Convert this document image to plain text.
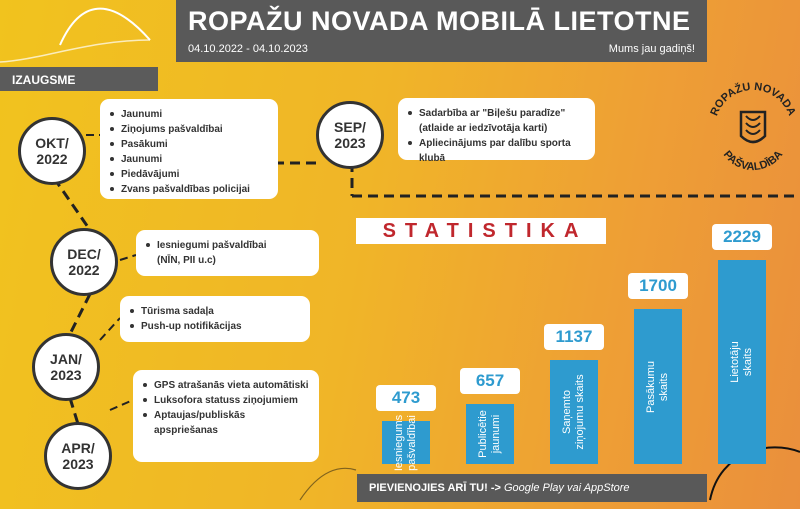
ROPAŽU NOVADA MOBILĀ LIETOTNE
04.10.2022 - 04.10.2023	Mums jau gadiņš!
IZAUGSME
OKT/
2022
DEC/
2022
JAN/
2023
APR/
2023
SEP/
2023
Jaunumi
Ziņojums pašvaldībai
Pasākumi
Jaunumi
Piedāvājumi
Zvans pašvaldības policijai
Iesniegumi pašvaldībai
(NĪN, PII u.c)
Tūrisma sadaļa
Push-up notifikācijas
GPS atrašanās vieta automātiski
Luksofora statuss ziņojumiem
Aptaujas/publiskās apspriešanas
Sadarbība ar "Biļešu paradīze" (atlaide ar iedzīvotāja karti)
Apliecinājums par dalību sporta klubā
ROPAŽU NOVADA
PAŠVALDĪBA
STATISTIKA
Iesniegums pašvaldībai
473
Publicētie jaunumi
657
Saņemto ziņojumu skaits
1137
Pasākumu skaits
1700
Lietotāju skaits
2229
PIEVIENOJIES ARĪ TU! -> Google Play vai AppStore
